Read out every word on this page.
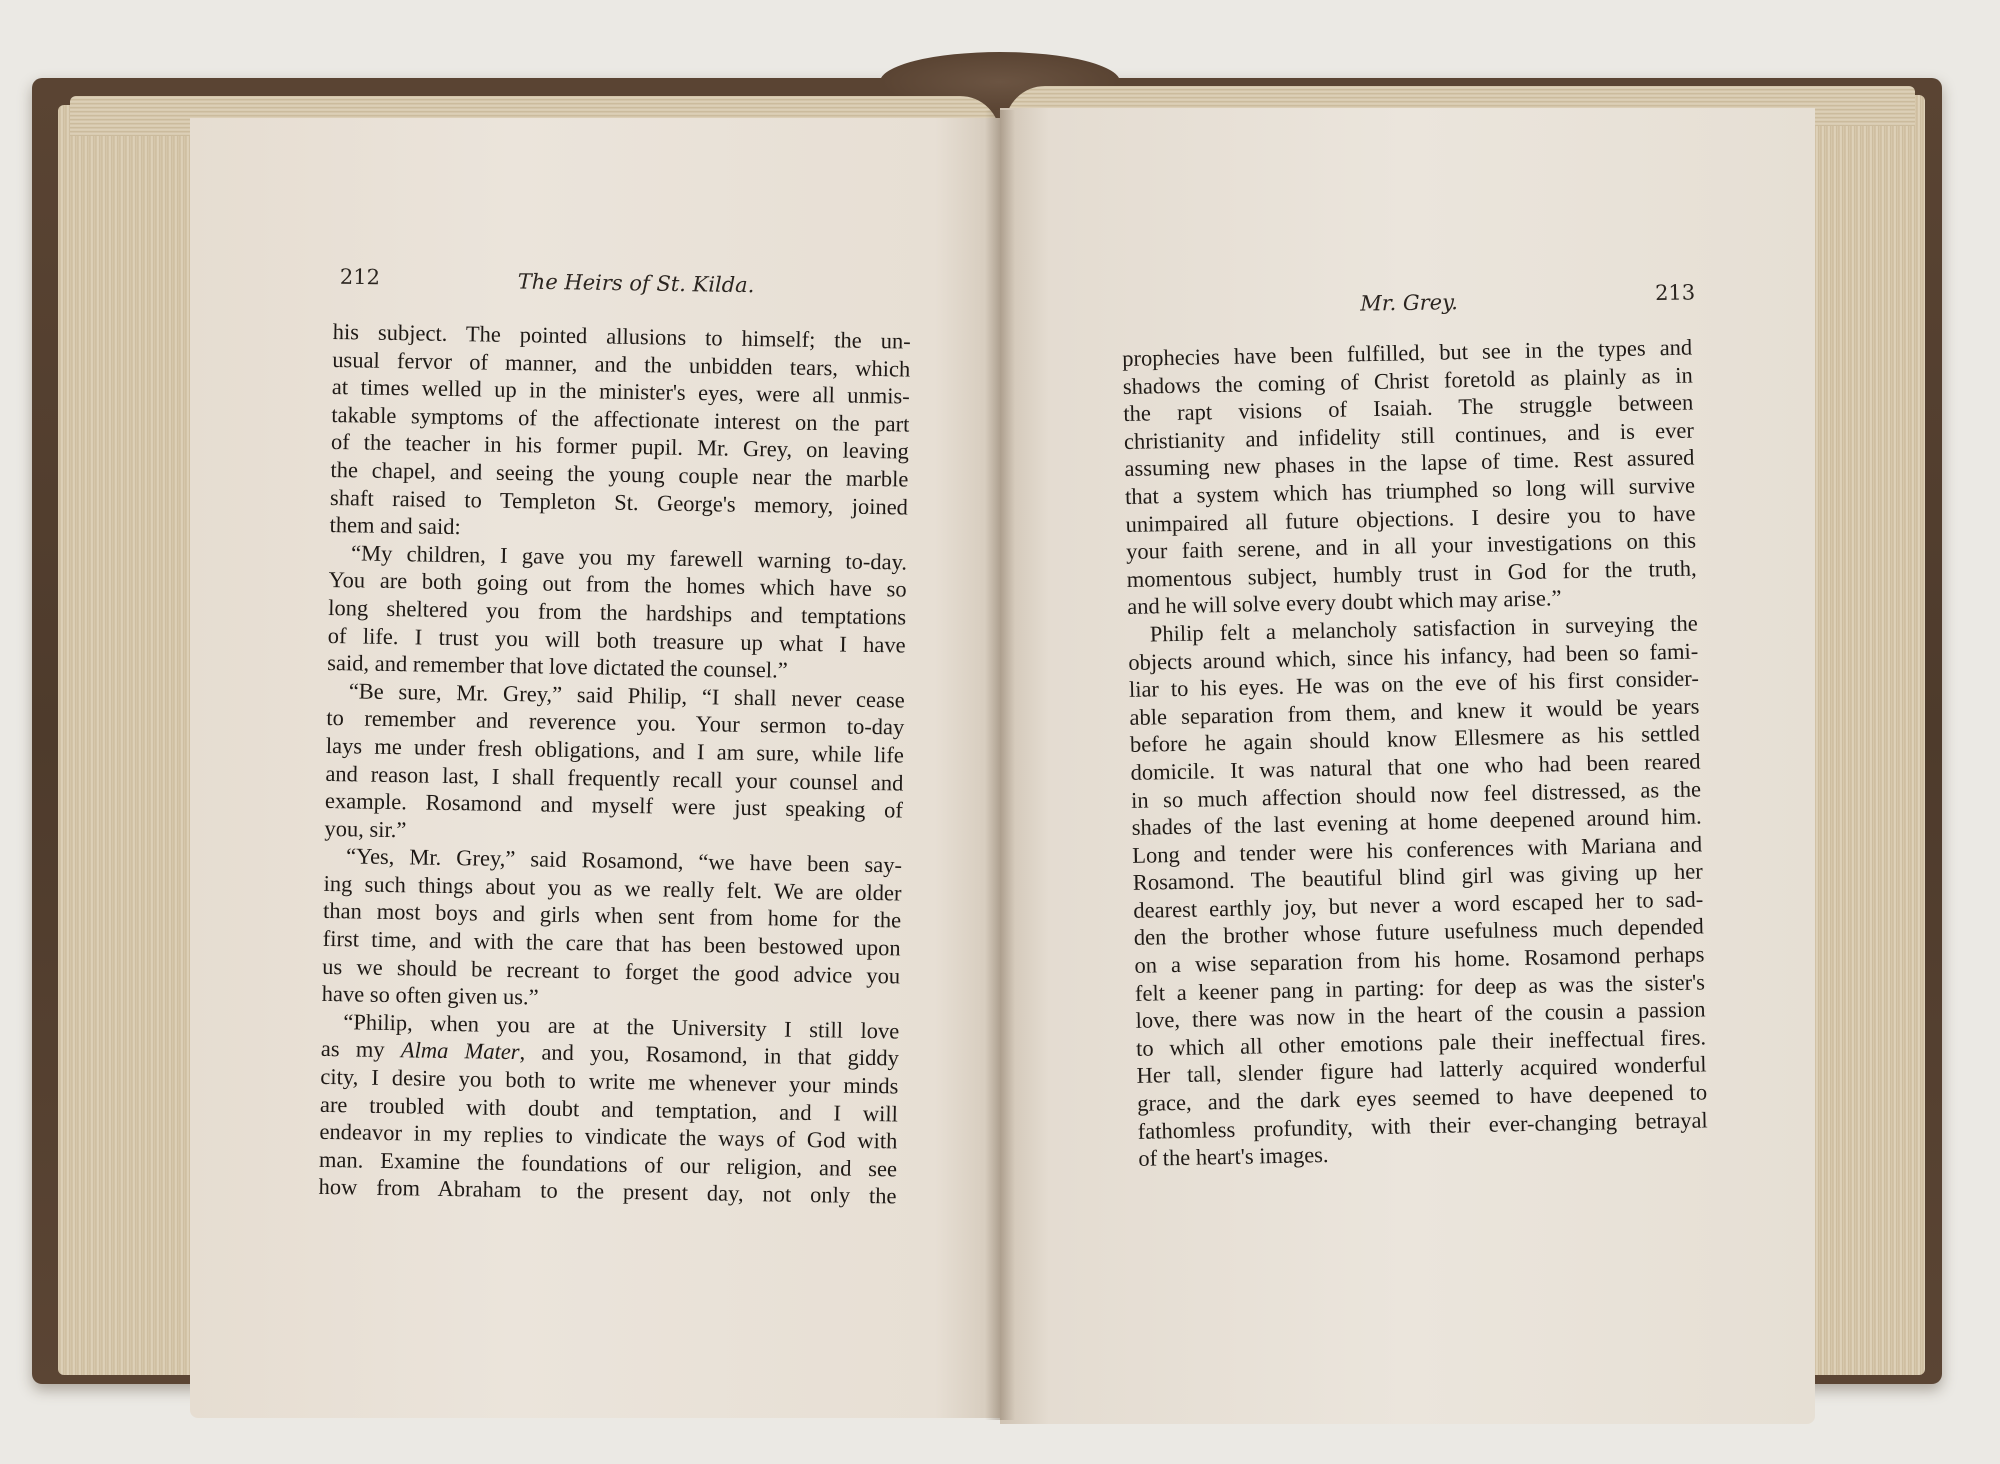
212	The Heirs of St. Kilda.
Mr. Grey.	213
his subject. The pointed allusions to himself; the un-
usual fervor of manner, and the unbidden tears, which
at times welled up in the minister's eyes, were all unmis-
takable symptoms of the affectionate interest on the part
of the teacher in his former pupil. Mr. Grey, on leaving
the chapel, and seeing the young couple near the marble
shaft raised to Templeton St. George's memory, joined
them and said:
“My children, I gave you my farewell warning to-day.
You are both going out from the homes which have so
long sheltered you from the hardships and temptations
of life. I trust you will both treasure up what I have
said, and remember that love dictated the counsel.”
“Be sure, Mr. Grey,” said Philip, “I shall never cease
to remember and reverence you. Your sermon to-day
lays me under fresh obligations, and I am sure, while life
and reason last, I shall frequently recall your counsel and
example. Rosamond and myself were just speaking of
you, sir.”
“Yes, Mr. Grey,” said Rosamond, “we have been say-
ing such things about you as we really felt. We are older
than most boys and girls when sent from home for the
first time, and with the care that has been bestowed upon
us we should be recreant to forget the good advice you
have so often given us.”
“Philip, when you are at the University I still love
as my Alma Mater, and you, Rosamond, in that giddy
city, I desire you both to write me whenever your minds
are troubled with doubt and temptation, and I will
endeavor in my replies to vindicate the ways of God with
man. Examine the foundations of our religion, and see
how from Abraham to the present day, not only the
prophecies have been fulfilled, but see in the types and
shadows the coming of Christ foretold as plainly as in
the rapt visions of Isaiah. The struggle between
christianity and infidelity still continues, and is ever
assuming new phases in the lapse of time. Rest assured
that a system which has triumphed so long will survive
unimpaired all future objections. I desire you to have
your faith serene, and in all your investigations on this
momentous subject, humbly trust in God for the truth,
and he will solve every doubt which may arise.”
Philip felt a melancholy satisfaction in surveying the
objects around which, since his infancy, had been so fami-
liar to his eyes. He was on the eve of his first consider-
able separation from them, and knew it would be years
before he again should know Ellesmere as his settled
domicile. It was natural that one who had been reared
in so much affection should now feel distressed, as the
shades of the last evening at home deepened around him.
Long and tender were his conferences with Mariana and
Rosamond. The beautiful blind girl was giving up her
dearest earthly joy, but never a word escaped her to sad-
den the brother whose future usefulness much depended
on a wise separation from his home. Rosamond perhaps
felt a keener pang in parting: for deep as was the sister's
love, there was now in the heart of the cousin a passion
to which all other emotions pale their ineffectual fires.
Her tall, slender figure had latterly acquired wonderful
grace, and the dark eyes seemed to have deepened to
fathomless profundity, with their ever-changing betrayal
of the heart's images.
